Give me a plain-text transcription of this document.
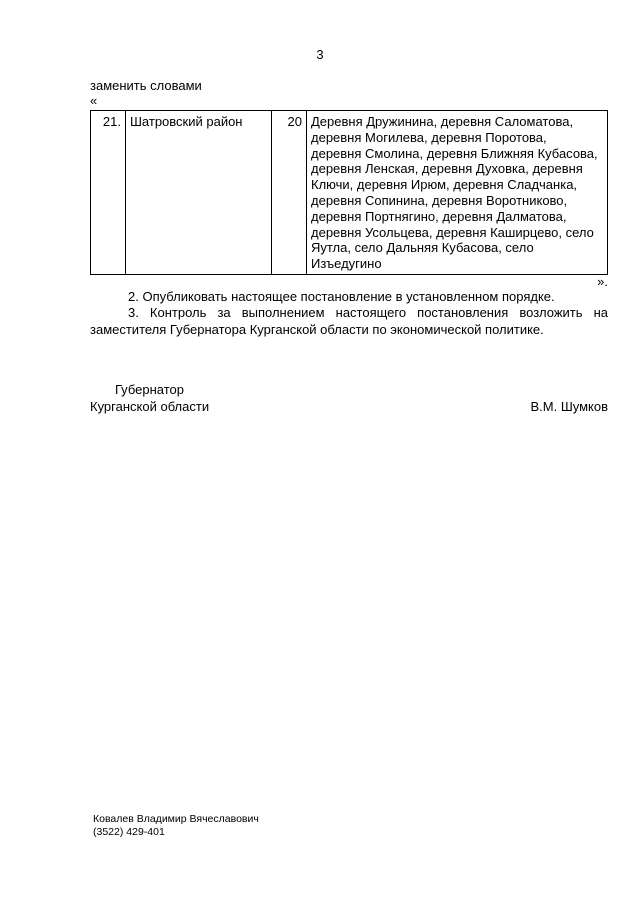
3
заменить словами
«
21.	Шатровский район	20	Деревня Дружинина, деревня Саломатова,
деревня Могилева, деревня Поротова,
деревня Смолина, деревня Ближняя Кубасова,
деревня Ленская, деревня Духовка, деревня
Ключи, деревня Ирюм, деревня Сладчанка,
деревня Сопинина, деревня Воротниково,
деревня Портнягино, деревня Далматова,
деревня Усольцева, деревня Каширцево, село
Яутла, село Дальняя Кубасова, село
Изъедугино
».
2. Опубликовать настоящее постановление в установленном порядке.
3. Контроль за выполнением настоящего постановления возложить на заместителя Губернатора Курганской области по экономической политике.
Губернатор
Курганской области	В.М. Шумков
Ковалев Владимир Вячеславович
(3522) 429-401
